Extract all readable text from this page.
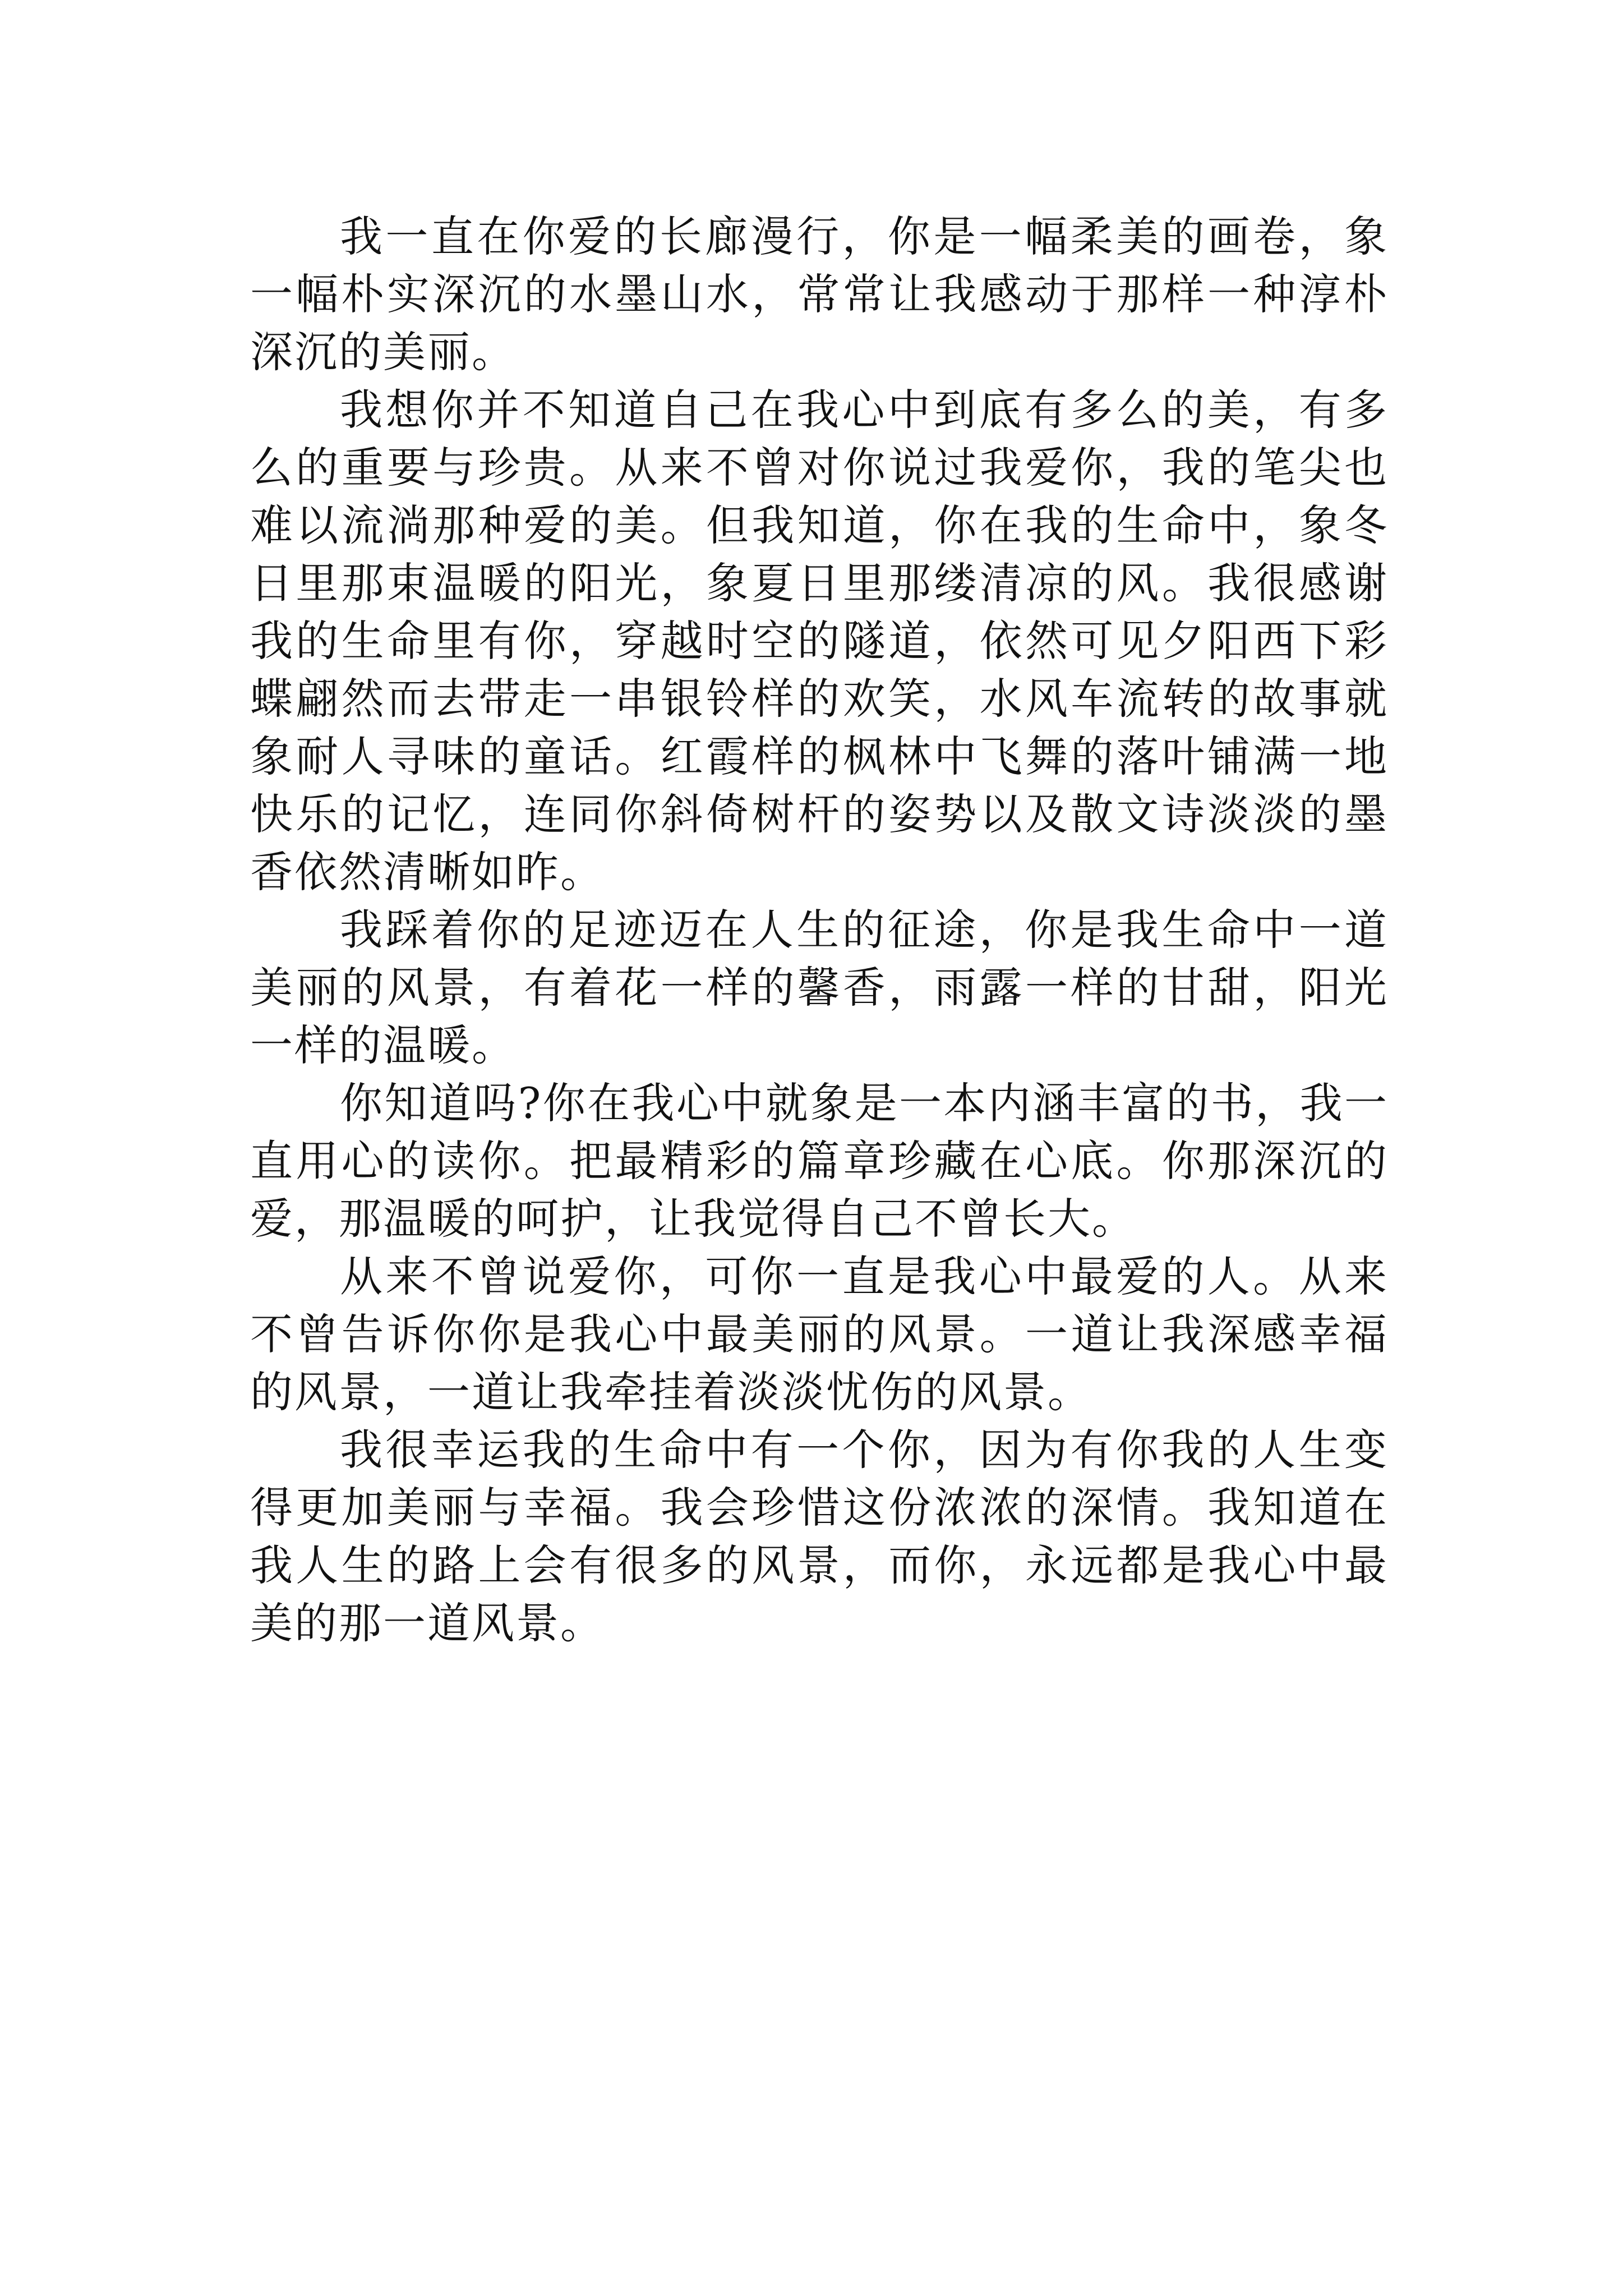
我一直在你爱的长廊漫行，你是一幅柔美的画卷，象一幅朴实深沉的水墨山水，常常让我感动于那样一种淳朴深沉的美丽。

我想你并不知道自己在我心中到底有多么的美，有多么的重要与珍贵。从来不曾对你说过我爱你，我的笔尖也难以流淌那种爱的美。但我知道，你在我的生命中，象冬日里那束温暖的阳光，象夏日里那缕清凉的风。我很感谢我的生命里有你，穿越时空的隧道，依然可见夕阳西下彩蝶翩然而去带走一串银铃样的欢笑，水风车流转的故事就象耐人寻味的童话。红霞样的枫林中飞舞的落叶铺满一地快乐的记忆，连同你斜倚树杆的姿势以及散文诗淡淡的墨香依然清晰如昨。

我踩着你的足迹迈在人生的征途，你是我生命中一道美丽的风景，有着花一样的馨香，雨露一样的甘甜，阳光一样的温暖。

你知道吗?你在我心中就象是一本内涵丰富的书，我一直用心的读你。把最精彩的篇章珍藏在心底。你那深沉的爱，那温暖的呵护，让我觉得自己不曾长大。

从来不曾说爱你，可你一直是我心中最爱的人。从来不曾告诉你你是我心中最美丽的风景。一道让我深感幸福的风景，一道让我牵挂着淡淡忧伤的风景。

我很幸运我的生命中有一个你，因为有你我的人生变得更加美丽与幸福。我会珍惜这份浓浓的深情。我知道在我人生的路上会有很多的风景，而你，永远都是我心中最美的那一道风景。
